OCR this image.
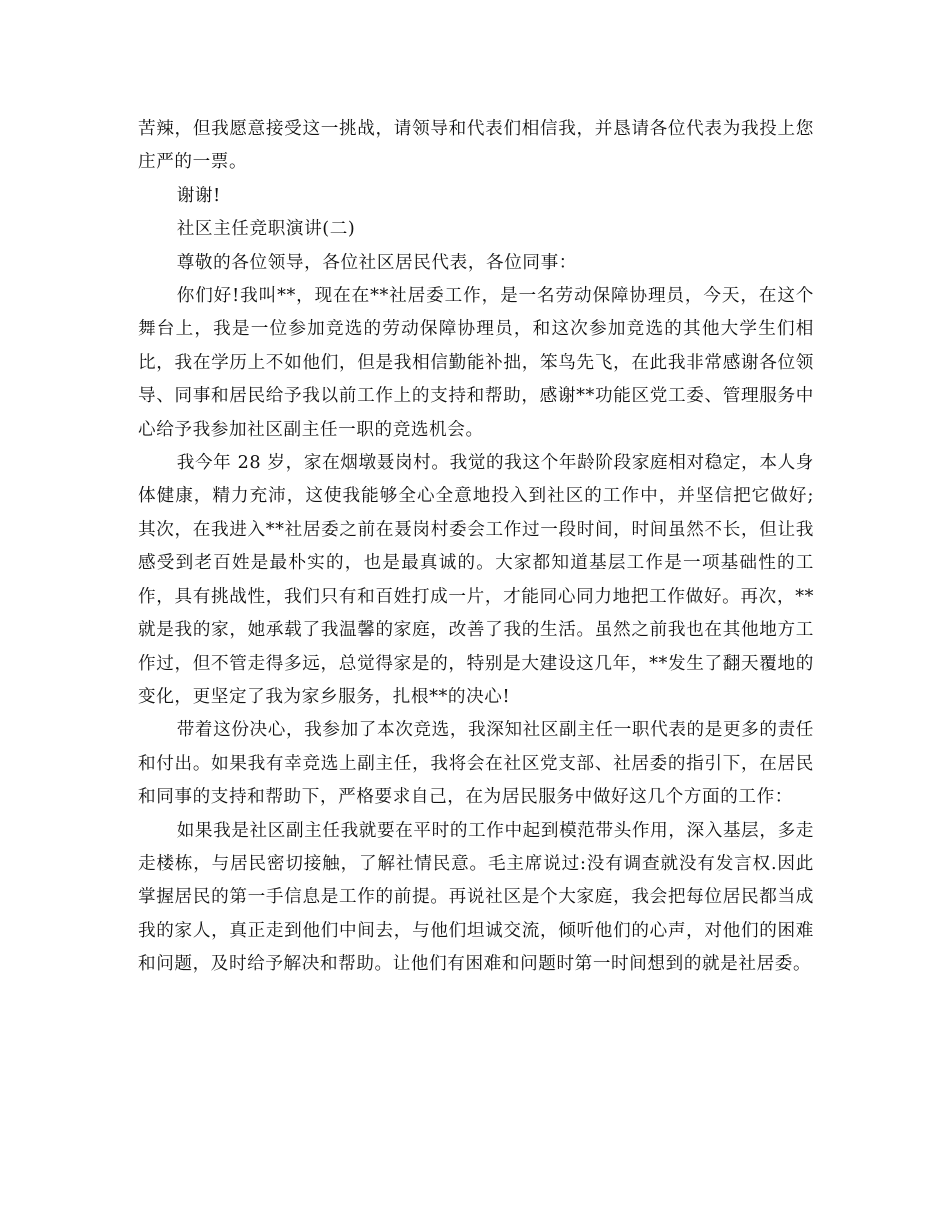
苦辣，但我愿意接受这一挑战，请领导和代表们相信我，并恳请各位代表为我投上您庄严的一票。

谢谢!

社区主任竞职演讲(二)

尊敬的各位领导，各位社区居民代表，各位同事：

你们好!我叫**，现在在**社居委工作，是一名劳动保障协理员，今天，在这个舞台上，我是一位参加竞选的劳动保障协理员，和这次参加竞选的其他大学生们相比，我在学历上不如他们，但是我相信勤能补拙，笨鸟先飞，在此我非常感谢各位领导、同事和居民给予我以前工作上的支持和帮助，感谢**功能区党工委、管理服务中心给予我参加社区副主任一职的竞选机会。

我今年 28 岁，家在烟墩聂岗村。我觉的我这个年龄阶段家庭相对稳定，本人身体健康，精力充沛，这使我能够全心全意地投入到社区的工作中，并坚信把它做好;其次，在我进入**社居委之前在聂岗村委会工作过一段时间，时间虽然不长，但让我感受到老百姓是最朴实的，也是最真诚的。大家都知道基层工作是一项基础性的工作，具有挑战性，我们只有和百姓打成一片，才能同心同力地把工作做好。再次，**就是我的家，她承载了我温馨的家庭，改善了我的生活。虽然之前我也在其他地方工作过，但不管走得多远，总觉得家是的，特别是大建设这几年，**发生了翻天覆地的变化，更坚定了我为家乡服务，扎根**的决心!

带着这份决心，我参加了本次竞选，我深知社区副主任一职代表的是更多的责任和付出。如果我有幸竞选上副主任，我将会在社区党支部、社居委的指引下，在居民和同事的支持和帮助下，严格要求自己，在为居民服务中做好这几个方面的工作：

如果我是社区副主任我就要在平时的工作中起到模范带头作用，深入基层，多走走楼栋，与居民密切接触，了解社情民意。毛主席说过:没有调查就没有发言权.因此掌握居民的第一手信息是工作的前提。再说社区是个大家庭，我会把每位居民都当成我的家人，真正走到他们中间去，与他们坦诚交流，倾听他们的心声，对他们的困难和问题，及时给予解决和帮助。让他们有困难和问题时第一时间想到的就是社居委。
